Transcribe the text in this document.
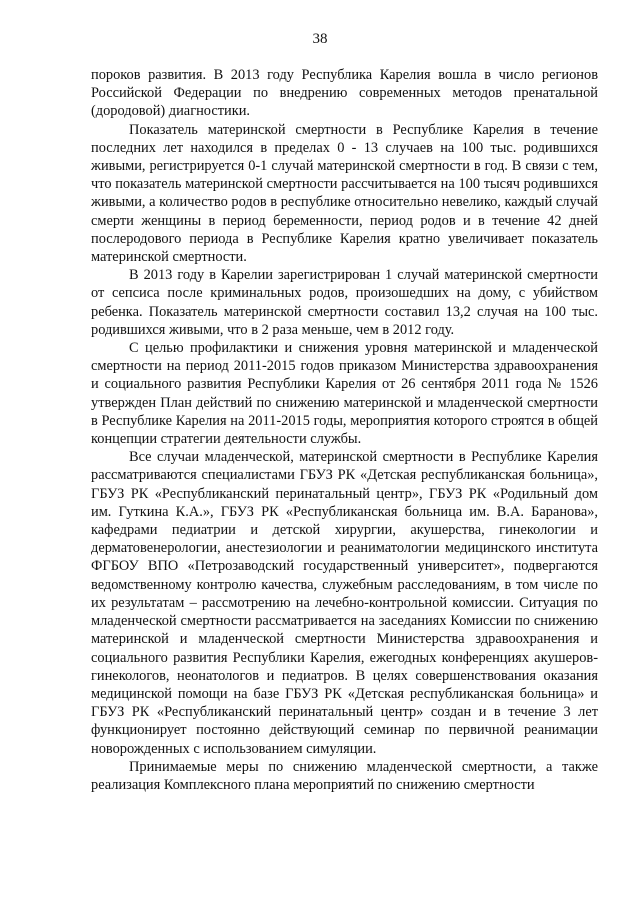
38

пороков развития. В 2013 году Республика Карелия вошла в число регионов Российской Федерации по внедрению современных методов пренатальной (дородовой) диагностики.

Показатель материнской смертности в Республике Карелия в течение последних лет находился в пределах 0 - 13 случаев на 100 тыс. родившихся живыми, регистрируется 0-1 случай материнской смертности в год. В связи с тем, что показатель материнской смертности рассчитывается на 100 тысяч родившихся живыми, а количество родов в республике относительно невелико, каждый случай смерти женщины в период беременности, период родов и в течение 42 дней послеродового периода в Республике Карелия кратно увеличивает показатель материнской смертности.

В 2013 году в Карелии зарегистрирован 1 случай материнской смертности от сепсиса после криминальных родов, произошедших на дому, с убийством ребенка. Показатель материнской смертности составил 13,2 случая на 100 тыс. родившихся живыми, что в 2 раза меньше, чем в 2012 году.

С целью профилактики и снижения уровня материнской и младенческой смертности на период 2011-2015 годов приказом Министерства здравоохранения и социального развития Республики Карелия от 26 сентября 2011 года № 1526 утвержден План действий по снижению материнской и младенческой смертности в Республике Карелия на 2011-2015 годы, мероприятия которого строятся в общей концепции стратегии деятельности службы.

Все случаи младенческой, материнской смертности в Республике Карелия рассматриваются специалистами ГБУЗ РК «Детская республиканская больница», ГБУЗ РК «Республиканский перинатальный центр», ГБУЗ РК «Родильный дом им. Гуткина К.А.», ГБУЗ РК «Республиканская больница им. В.А. Баранова», кафедрами педиатрии и детской хирургии, акушерства, гинекологии и дерматовенерологии, анестезиологии и реаниматологии медицинского института ФГБОУ ВПО «Петрозаводский государственный университет», подвергаются ведомственному контролю качества, служебным расследованиям, в том числе по их результатам – рассмотрению на лечебно-контрольной комиссии. Ситуация по младенческой смертности рассматривается на заседаниях Комиссии по снижению материнской и младенческой смертности Министерства здравоохранения и социального развития Республики Карелия, ежегодных конференциях акушеров-гинекологов, неонатологов и педиатров. В целях совершенствования оказания медицинской помощи на базе ГБУЗ РК «Детская республиканская больница» и ГБУЗ РК «Республиканский перинатальный центр» создан и в течение 3 лет функционирует постоянно действующий семинар по первичной реанимации новорожденных с использованием симуляции.

Принимаемые меры по снижению младенческой смертности, а также реализация Комплексного плана мероприятий по снижению смертности
